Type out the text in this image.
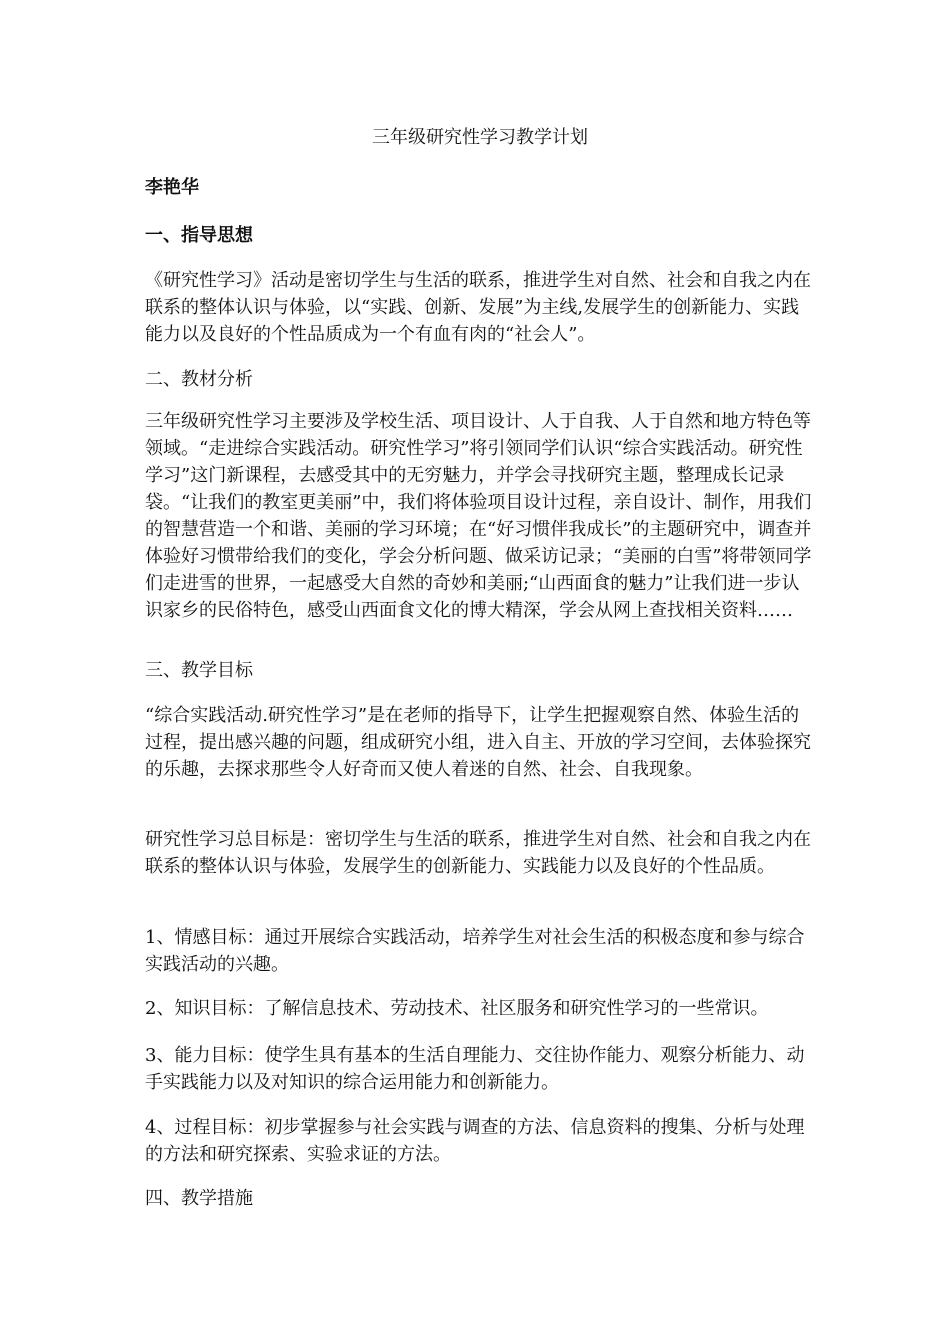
三年级研究性学习教学计划

李艳华

一、指导思想

《研究性学习》活动是密切学生与生活的联系，推进学生对自然、社会和自我之内在联系的整体认识与体验，以“实践、创新、发展”为主线,发展学生的创新能力、实践能力以及良好的个性品质成为一个有血有肉的“社会人”。

二、教材分析

三年级研究性学习主要涉及学校生活、项目设计、人于自我、人于自然和地方特色等领域。“走进综合实践活动。研究性学习”将引领同学们认识“综合实践活动。研究性学习”这门新课程，去感受其中的无穷魅力，并学会寻找研究主题，整理成长记录袋。“让我们的教室更美丽”中，我们将体验项目设计过程，亲自设计、制作，用我们的智慧营造一个和谐、美丽的学习环境；在“好习惯伴我成长”的主题研究中，调查并体验好习惯带给我们的变化，学会分析问题、做采访记录；“美丽的白雪”将带领同学们走进雪的世界，一起感受大自然的奇妙和美丽;“山西面食的魅力”让我们进一步认识家乡的民俗特色，感受山西面食文化的博大精深，学会从网上查找相关资料……

三、教学目标

“综合实践活动.研究性学习”是在老师的指导下，让学生把握观察自然、体验生活的过程，提出感兴趣的问题，组成研究小组，进入自主、开放的学习空间，去体验探究的乐趣，去探求那些令人好奇而又使人着迷的自然、社会、自我现象。

研究性学习总目标是：密切学生与生活的联系，推进学生对自然、社会和自我之内在联系的整体认识与体验，发展学生的创新能力、实践能力以及良好的个性品质。

1、情感目标：通过开展综合实践活动，培养学生对社会生活的积极态度和参与综合实践活动的兴趣。

2、知识目标：了解信息技术、劳动技术、社区服务和研究性学习的一些常识。

3、能力目标：使学生具有基本的生活自理能力、交往协作能力、观察分析能力、动手实践能力以及对知识的综合运用能力和创新能力。

4、过程目标：初步掌握参与社会实践与调查的方法、信息资料的搜集、分析与处理的方法和研究探索、实验求证的方法。

四、教学措施
